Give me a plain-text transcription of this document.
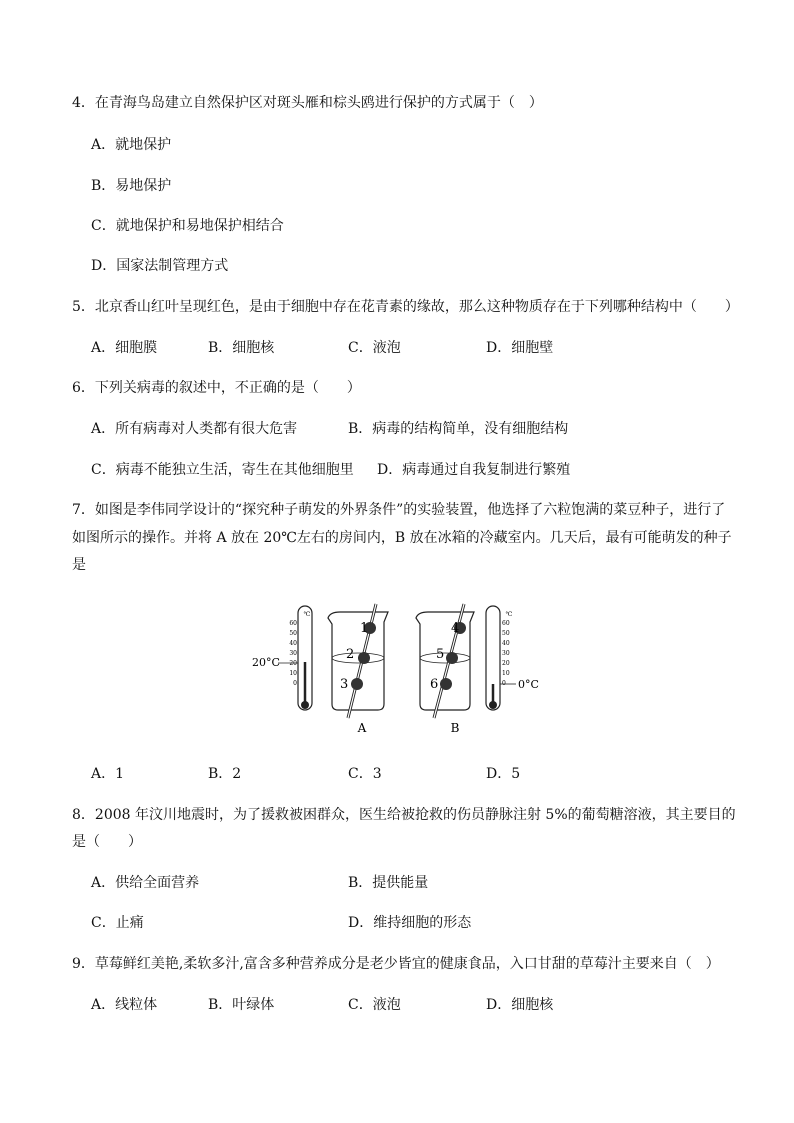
4．在青海鸟岛建立自然保护区对斑头雁和棕头鸥进行保护的方式属于（　）
A．就地保护
B．易地保护
C．就地保护和易地保护相结合
D．国家法制管理方式
5．北京香山红叶呈现红色，是由于细胞中存在花青素的缘故，那么这种物质存在于下列哪种结构中（　　）
A．细胞膜	B．细胞核	C．液泡	D．细胞壁
6．下列关病毒的叙述中，不正确的是（　　）
A．所有病毒对人类都有很大危害	B．病毒的结构简单，没有细胞结构
C．病毒不能独立生活，寄生在其他细胞里 D．病毒通过自我复制进行繁殖
7．如图是李伟同学设计的“探究种子萌发的外界条件”的实验装置，他选择了六粒饱满的菜豆种子，进行了
如图所示的操作。并将 A 放在 20℃左右的房间内，B 放在冰箱的冷藏室内。几天后，最有可能萌发的种子
是
℃
60
50
40
30
20
10
0
20°C
1
2
3
A
4
5
6
B
℃
60
50
40
30
20
10
0 0°C
A．1	B．2	C．3	D．5
8．2008 年汶川地震时，为了援救被困群众，医生给被抢救的伤员静脉注射 5%的葡萄糖溶液，其主要目的
是（　　）
A．供给全面营养	B．提供能量
C．止痛	D．维持细胞的形态
9．草莓鲜红美艳,柔软多汁,富含多种营养成分是老少皆宜的健康食品，入口甘甜的草莓汁主要来自（　）
A．线粒体	B．叶绿体	C．液泡	D．细胞核
